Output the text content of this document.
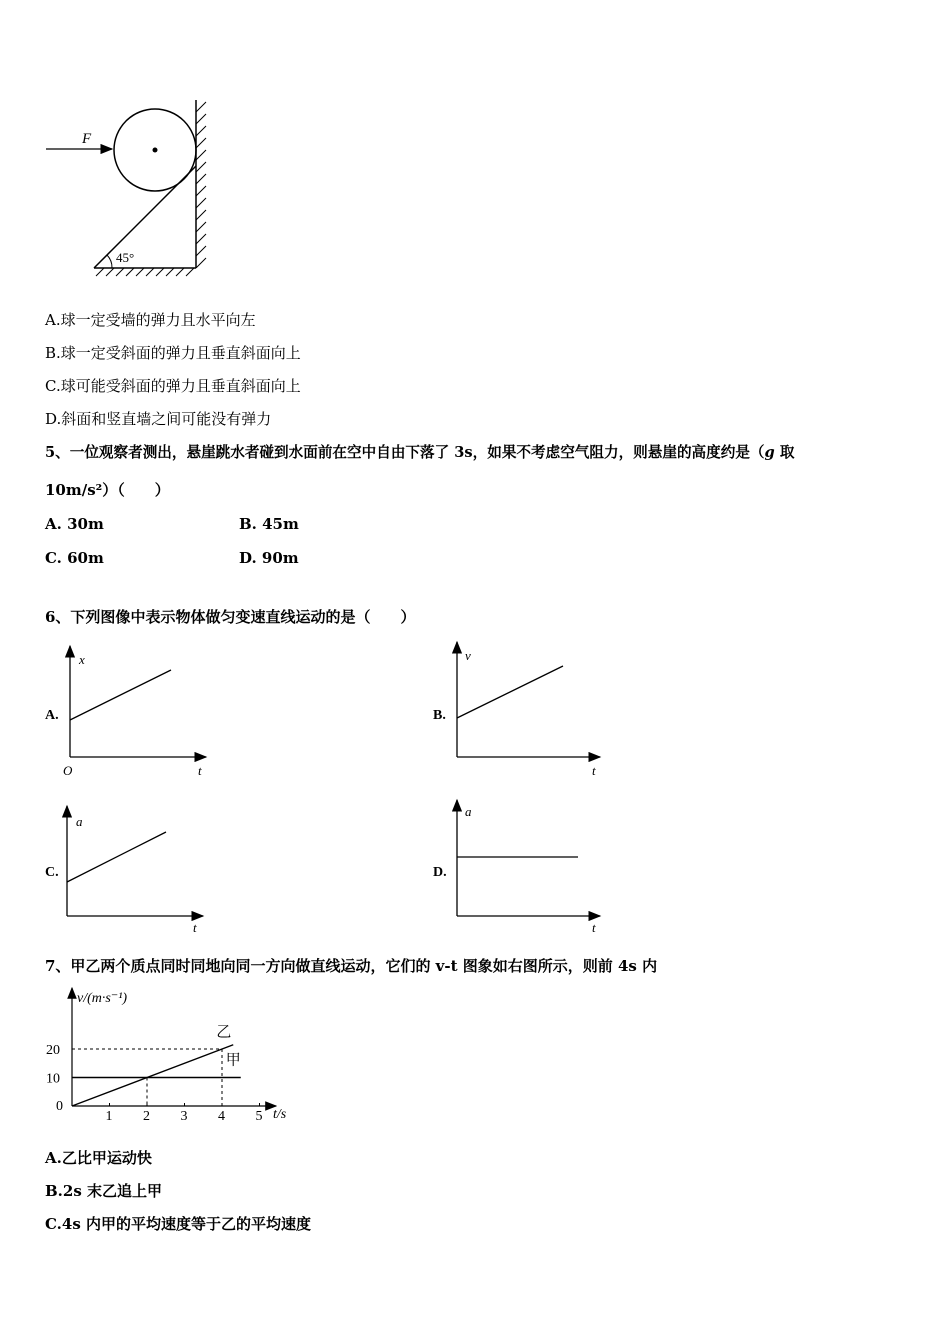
F
45°
A.球一定受墙的弹力且水平向左
B.球一定受斜面的弹力且垂直斜面向上
C.球可能受斜面的弹力且垂直斜面向上
D.斜面和竖直墙之间可能没有弹力
5、一位观察者测出，悬崖跳水者碰到水面前在空中自由下落了 3s，如果不考虑空气阻力，则悬崖的高度约是（g 取
10m/s²）（　　）
A. 30m	B. 45m
C. 60m	D. 90m
6、下列图像中表示物体做匀变速直线运动的是（　　）
A.
x
t
O
B.
v
t
C.
a
t
D.
a
t
7、甲乙两个质点同时同地向同一方向做直线运动，它们的 v-t 图象如右图所示，则前 4s 内
v/(m·s⁻¹)
t/s
甲
乙
1 2 3 4 5
0
10
20
A.乙比甲运动快
B.2s 末乙追上甲
C.4s 内甲的平均速度等于乙的平均速度
